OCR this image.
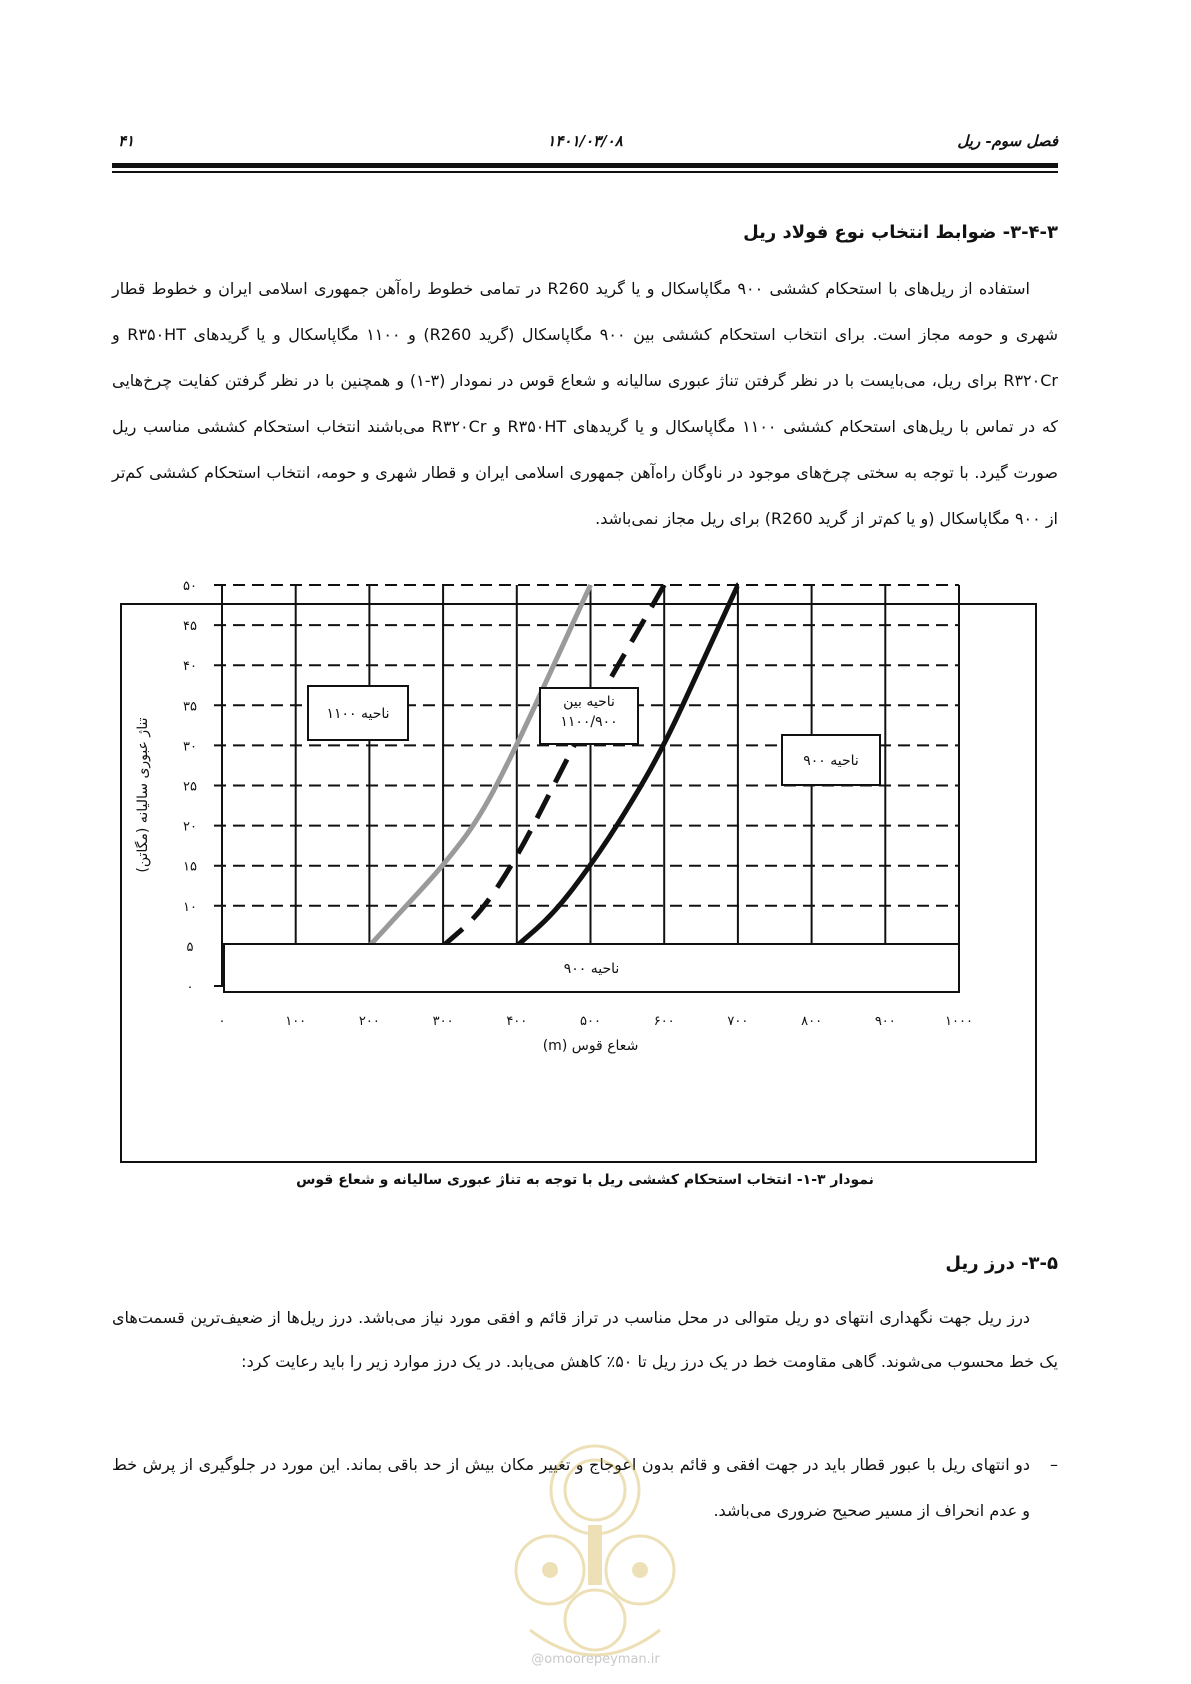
۴۱	۱۴۰۱/۰۳/۰۸	فصل سوم- ریل
۳-۴-۳- ضوابط انتخاب نوع فولاد ریل
استفاده از ریل‌های با استحکام کششی ۹۰۰ مگاپاسکال و یا گرید R260 در تمامی خطوط راه‌آهن جمهوری اسلامی ایران و خطوط قطار شهری و حومه مجاز است. برای انتخاب استحکام کششی بین ۹۰۰ مگاپاسکال (گرید R260) و ۱۱۰۰ مگاپاسکال و یا گریدهای R۳۵۰HT و R۳۲۰Cr برای ریل، می‌بایست با در نظر گرفتن تناژ عبوری سالیانه و شعاع قوس در نمودار (۳-۱) و همچنین با در نظر گرفتن کفایت چرخ‌هایی که در تماس با ریل‌های استحکام کششی ۱۱۰۰ مگاپاسکال و یا گریدهای R۳۵۰HT و R۳۲۰Cr می‌باشند انتخاب استحکام کششی مناسب ریل صورت گیرد. با توجه به سختی چرخ‌های موجود در ناوگان راه‌آهن جمهوری اسلامی ایران و قطار شهری و حومه، انتخاب استحکام کششی کم‌تر از ۹۰۰ مگاپاسکال (و یا کم‌تر از گرید R260) برای ریل مجاز نمی‌باشد.
۰
۵
۱۰
۱۵
۲۰
۲۵
۳۰
۳۵
۴۰
۴۵
۵۰
۰	۱۰۰	۲۰۰	۳۰۰	۴۰۰	۵۰۰	۶۰۰	۷۰۰	۸۰۰	۹۰۰	۱۰۰۰
شعاع قوس (m)
تناژ عبوری سالیانه (مگاتن)
ناحیه ۱۱۰۰
ناحیه بین
۱۱۰۰/۹۰۰
ناحیه ۹۰۰
ناحیه ۹۰۰
نمودار ۳-۱- انتخاب استحکام کششی ریل با توجه به تناژ عبوری سالیانه و شعاع قوس
۳-۵- درز ریل
درز ریل جهت نگهداری انتهای دو ریل متوالی در محل مناسب در تراز قائم و افقی مورد نیاز می‌باشد. درز ریل‌ها از ضعیف‌ترین قسمت‌های یک خط محسوب می‌شوند. گاهی مقاومت خط در یک درز ریل تا ۵۰٪ کاهش می‌یابد. در یک درز موارد زیر را باید رعایت کرد:
–
دو انتهای ریل با عبور قطار باید در جهت افقی و قائم بدون اعوجاج و تغییر مکان بیش از حد باقی بماند. این مورد در جلوگیری از پرش خط و عدم انحراف از مسیر صحیح ضروری می‌باشد.
@omoorepeyman.ir
